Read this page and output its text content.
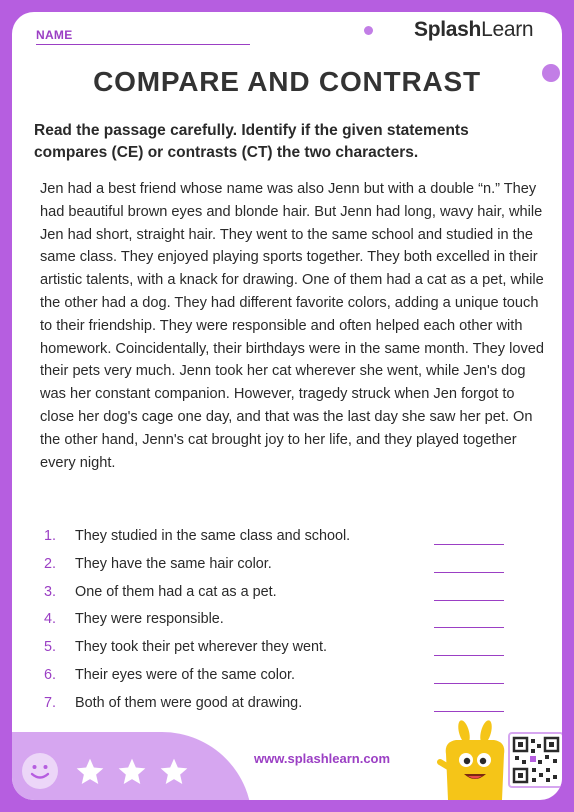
NAME	SplashLearn
COMPARE AND CONTRAST
Read the passage carefully. Identify if the given statements compares (CE) or contrasts (CT) the two characters.
Jen had a best friend whose name was also Jenn but with a double “n.” They had beautiful brown eyes and blonde hair. But Jenn had long, wavy hair, while Jen had short, straight hair. They went to the same school and studied in the same class. They enjoyed playing sports together. They both excelled in their artistic talents, with a knack for drawing. One of them had a cat as a pet, while the other had a dog. They had different favorite colors, adding a unique touch to their friendship. They were responsible and often helped each other with homework. Coincidentally, their birthdays were in the same month. They loved their pets very much. Jenn took her cat wherever she went, while Jen's dog was her constant companion. However, tragedy struck when Jen forgot to close her dog's cage one day, and that was the last day she saw her pet. On the other hand, Jenn's cat brought joy to her life, and they played together every night.
1. They studied in the same class and school.
2. They have the same hair color.
3. One of them had a cat as a pet.
4. They were responsible.
5. They took their pet wherever they went.
6. Their eyes were of the same color.
7. Both of them were good at drawing.
www.splashlearn.com
